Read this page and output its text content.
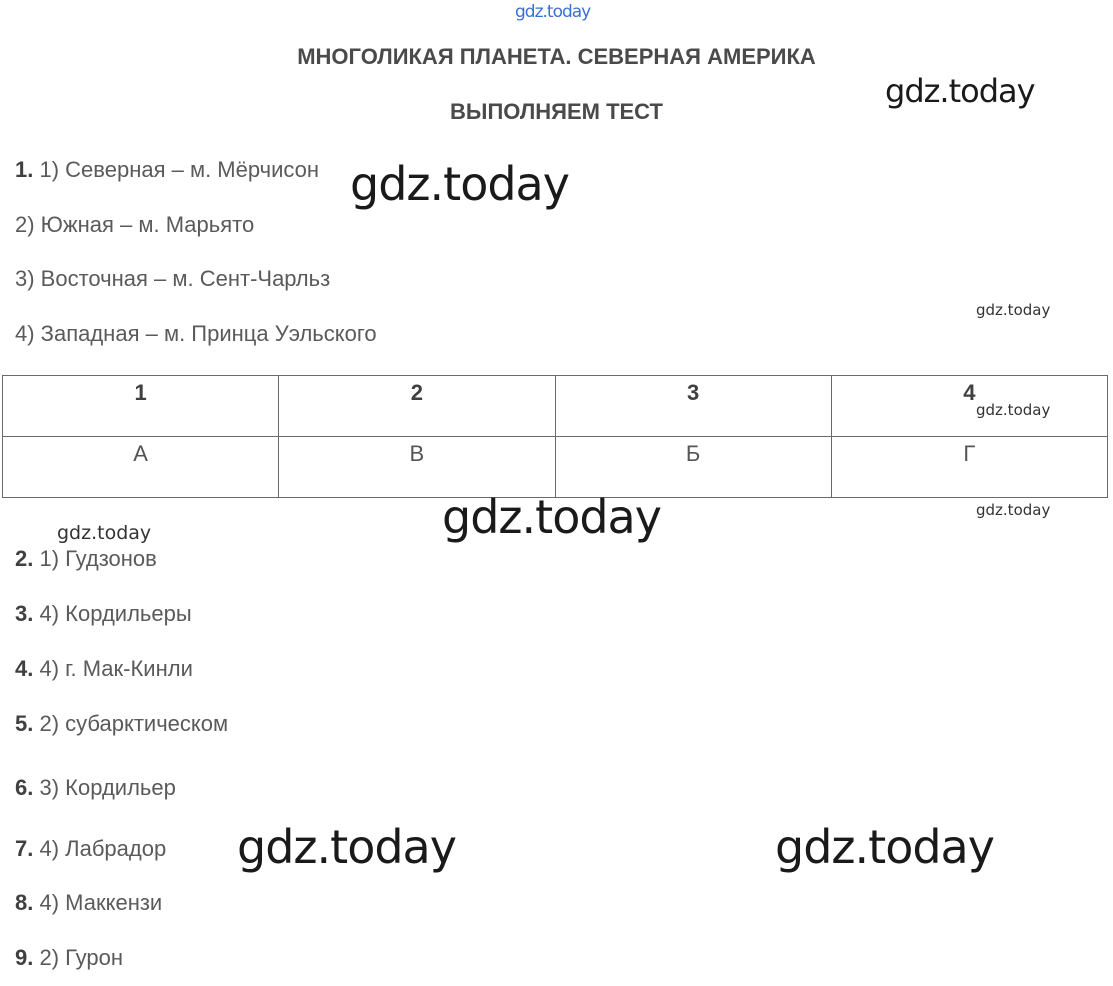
gdz.today
gdz.today
gdz.today
gdz.today
МНОГОЛИКАЯ ПЛАНЕТА. СЕВЕРНАЯ АМЕРИКА
ВЫПОЛНЯЕМ ТЕСТ
1. 1) Северная – м. Мёрчисон
2) Южная – м. Марьято
3) Восточная – м. Сент-Чарльз
4) Западная – м. Принца Уэльского
1	2	3	4
А	В	Б	Г
gdz.today
gdz.today	gdz.today
gdz.today
2. 1) Гудзонов
3. 4) Кордильеры
4. 4) г. Мак-Кинли
5. 2) субарктическом
6. 3) Кордильер
7. 4) Лабрадор
8. 4) Маккензи
9. 2) Гурон
gdz.today	gdz.today
